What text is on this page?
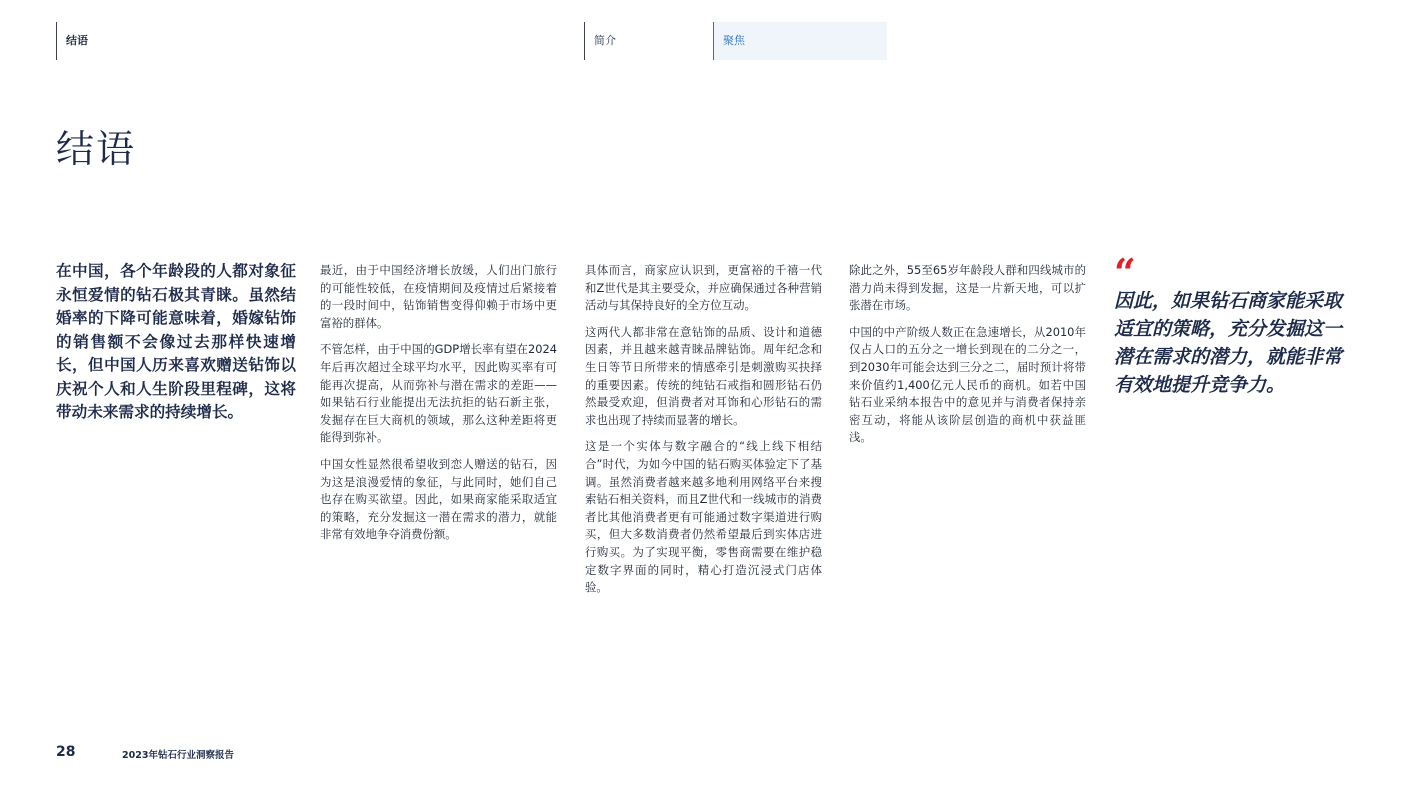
结语	简介	聚焦
结语

在中国，各个年龄段的人都对象征永恒爱情的钻石极其青睐。虽然结婚率的下降可能意味着，婚嫁钻饰的销售额不会像过去那样快速增长，但中国人历来喜欢赠送钻饰以庆祝个人和人生阶段里程碑，这将带动未来需求的持续增长。

最近，由于中国经济增长放缓，人们出门旅行的可能性较低，在疫情期间及疫情过后紧接着的一段时间中，钻饰销售变得仰赖于市场中更富裕的群体。

不管怎样，由于中国的GDP增长率有望在2024年后再次超过全球平均水平，因此购买率有可能再次提高，从而弥补与潜在需求的差距——如果钻石行业能提出无法抗拒的钻石新主张，发掘存在巨大商机的领域，那么这种差距将更能得到弥补。

中国女性显然很希望收到恋人赠送的钻石，因为这是浪漫爱情的象征，与此同时，她们自己也存在购买欲望。因此，如果商家能采取适宜的策略，充分发掘这一潜在需求的潜力，就能非常有效地争夺消费份额。

具体而言，商家应认识到，更富裕的千禧一代和Z世代是其主要受众，并应确保通过各种营销活动与其保持良好的全方位互动。

这两代人都非常在意钻饰的品质、设计和道德因素，并且越来越青睐品牌钻饰。周年纪念和生日等节日所带来的情感牵引是刺激购买抉择的重要因素。传统的纯钻石戒指和圆形钻石仍然最受欢迎，但消费者对耳饰和心形钻石的需求也出现了持续而显著的增长。

这是一个实体与数字融合的“线上线下相结合”时代，为如今中国的钻石购买体验定下了基调。虽然消费者越来越多地利用网络平台来搜索钻石相关资料，而且Z世代和一线城市的消费者比其他消费者更有可能通过数字渠道进行购买，但大多数消费者仍然希望最后到实体店进行购买。为了实现平衡，零售商需要在维护稳定数字界面的同时，精心打造沉浸式门店体验。

除此之外，55至65岁年龄段人群和四线城市的潜力尚未得到发掘，这是一片新天地，可以扩张潜在市场。

中国的中产阶级人数正在急速增长，从2010年仅占人口的五分之一增长到现在的二分之一，到2030年可能会达到三分之二，届时预计将带来价值约1,400亿元人民币的商机。如若中国钻石业采纳本报告中的意见并与消费者保持亲密互动，将能从该阶层创造的商机中获益匪浅。

“

因此，如果钻石商家能采取适宜的策略，充分发掘这一潜在需求的潜力，就能非常有效地提升竞争力。

28	2023年钻石行业洞察报告
